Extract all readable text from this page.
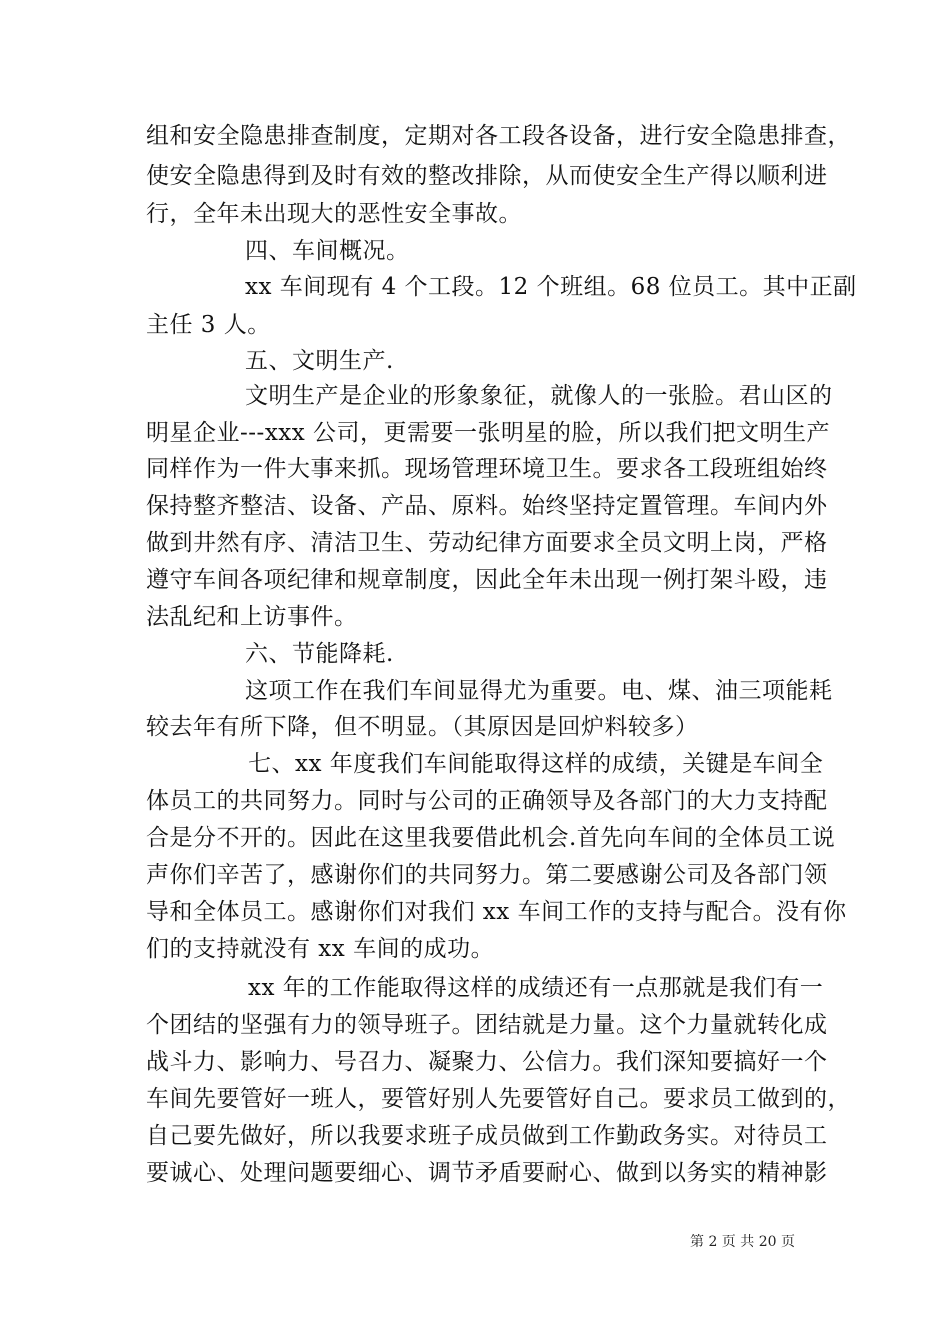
组和安全隐患排查制度，定期对各工段各设备，进行安全隐患排查，
使安全隐患得到及时有效的整改排除，从而使安全生产得以顺利进
行，全年未出现大的恶性安全事故。
四、车间概况。
xx 车间现有 4 个工段。12 个班组。68 位员工。其中正副
主任 3 人。
五、文明生产.
文明生产是企业的形象象征，就像人的一张脸。君山区的
明星企业---xxx 公司，更需要一张明星的脸，所以我们把文明生产
同样作为一件大事来抓。现场管理环境卫生。要求各工段班组始终
保持整齐整洁、设备、产品、原料。始终坚持定置管理。车间内外
做到井然有序、清洁卫生、劳动纪律方面要求全员文明上岗，严格
遵守车间各项纪律和规章制度，因此全年未出现一例打架斗殴，违
法乱纪和上访事件。
六、节能降耗.
这项工作在我们车间显得尤为重要。电、煤、油三项能耗
较去年有所下降，但不明显。（其原因是回炉料较多）
七、xx 年度我们车间能取得这样的成绩，关键是车间全
体员工的共同努力。同时与公司的正确领导及各部门的大力支持配
合是分不开的。因此在这里我要借此机会.首先向车间的全体员工说
声你们辛苦了，感谢你们的共同努力。第二要感谢公司及各部门领
导和全体员工。感谢你们对我们 xx 车间工作的支持与配合。没有你
们的支持就没有 xx 车间的成功。
xx 年的工作能取得这样的成绩还有一点那就是我们有一
个团结的坚强有力的领导班子。团结就是力量。这个力量就转化成
战斗力、影响力、号召力、凝聚力、公信力。我们深知要搞好一个
车间先要管好一班人，要管好别人先要管好自己。要求员工做到的，
自己要先做好，所以我要求班子成员做到工作勤政务实。对待员工
要诚心、处理问题要细心、调节矛盾要耐心、做到以务实的精神影
第 2 页 共 20 页
